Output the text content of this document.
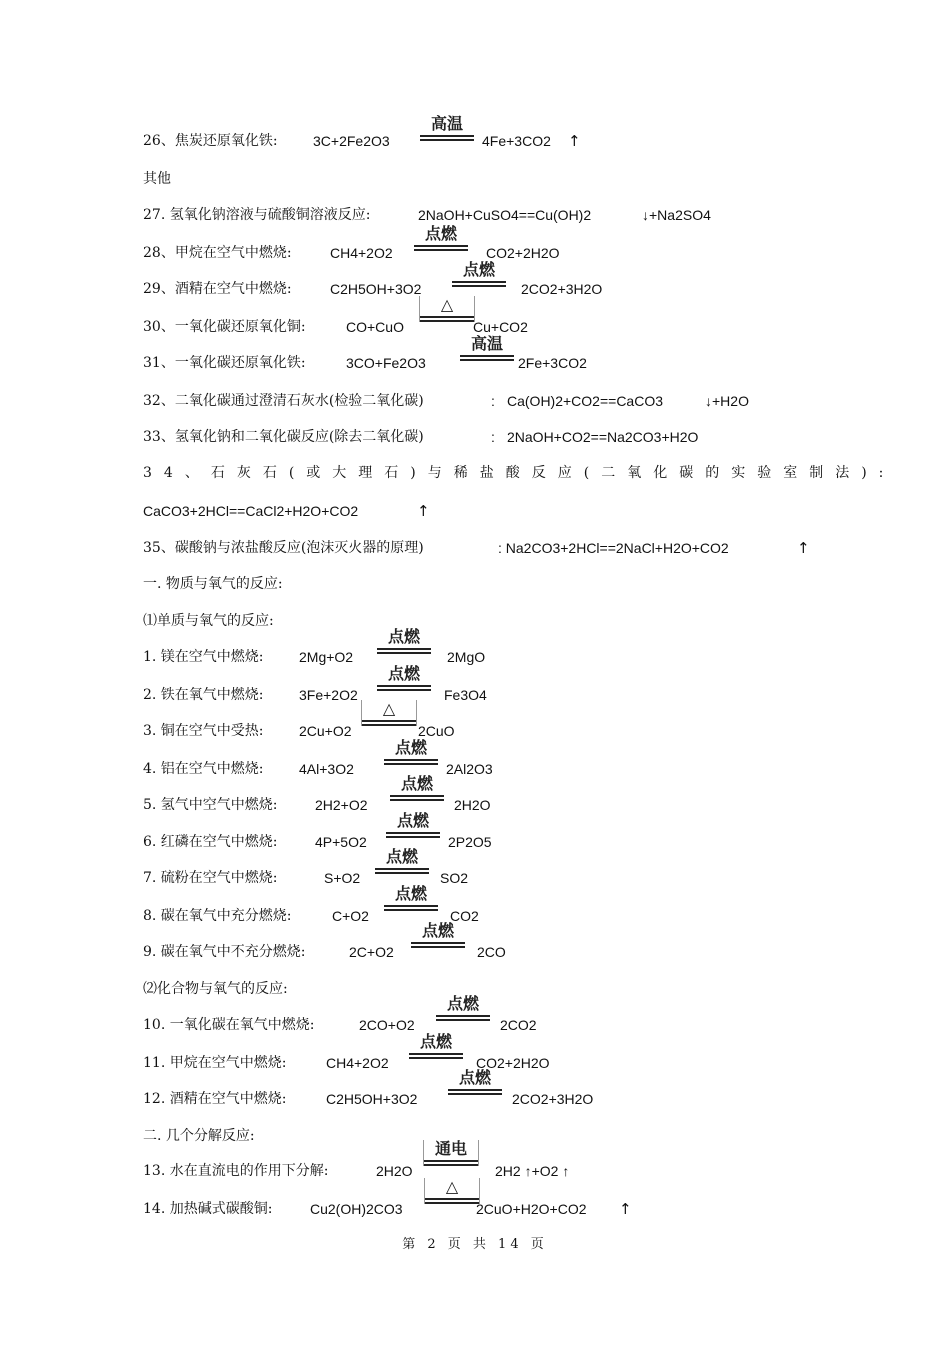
26、焦炭还原氧化铁:	3C+2Fe2O3	4Fe+3CO2 ↑
高温
其他
27. 氢氧化钠溶液与硫酸铜溶液反应:	2NaOH+CuSO4==Cu(OH)2	↓+Na2SO4
28、甲烷在空气中燃烧:	CH4+2O2	CO2+2H2O
点燃
29、酒精在空气中燃烧:	C2H5OH+3O2	2CO2+3H2O
点燃
30、一氧化碳还原氧化铜:	CO+CuO	Cu+CO2
△
31、一氧化碳还原氧化铁:	3CO+Fe2O3	2Fe+3CO2
高温
32、二氧化碳通过澄清石灰水(检验二氧化碳)	: Ca(OH)2+CO2==CaCO3	↓+H2O
33、氢氧化钠和二氧化碳反应(除去二氧化碳)	: 2NaOH+CO2==Na2CO3+H2O
34、石灰石(或大理石)与稀盐酸反应(二氧化碳的实验室制法):
CaCO3+2HCl==CaCl2+H2O+CO2	↑
35、碳酸钠与浓盐酸反应(泡沫灭火器的原理)	: Na2CO3+2HCl==2NaCl+H2O+CO2	↑
一. 物质与氧气的反应:
⑴单质与氧气的反应:
1. 镁在空气中燃烧:	2Mg+O2	2MgO
点燃
2. 铁在氧气中燃烧:	3Fe+2O2	Fe3O4
点燃
3. 铜在空气中受热:	2Cu+O2	2CuO
△
4. 铝在空气中燃烧:	4Al+3O2	2Al2O3
点燃
5. 氢气中空气中燃烧:	2H2+O2	2H2O
点燃
6. 红磷在空气中燃烧:	4P+5O2	2P2O5
点燃
7. 硫粉在空气中燃烧:	S+O2	SO2
点燃
8. 碳在氧气中充分燃烧:	C+O2	CO2
点燃
9. 碳在氧气中不充分燃烧:	2C+O2	2CO
点燃
⑵化合物与氧气的反应:
10. 一氧化碳在氧气中燃烧:	2CO+O2	2CO2
点燃
11. 甲烷在空气中燃烧:	CH4+2O2	CO2+2H2O
点燃
12. 酒精在空气中燃烧:	C2H5OH+3O2	2CO2+3H2O
点燃
二. 几个分解反应:
13. 水在直流电的作用下分解:	2H2O	2H2 ↑+O2 ↑
通电
14. 加热碱式碳酸铜:	Cu2(OH)2CO3	2CuO+H2O+CO2 ↑
△
第 2 页 共 14 页
